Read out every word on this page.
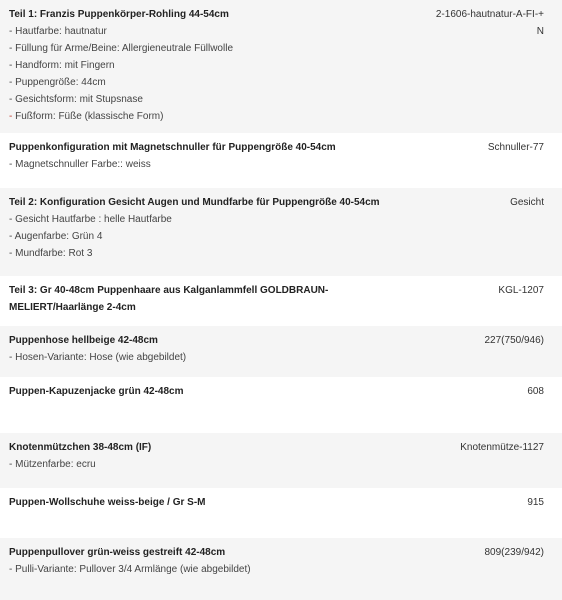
Teil 1: Franzis Puppenkörper-Rohling 44-54cm
- Hautfarbe: hautnatur
- Füllung für Arme/Beine: Allergieneutrale Füllwolle
- Handform: mit Fingern
- Puppengröße: 44cm
- Gesichtsform: mit Stupsnase
- Fußform: Füße (klassische Form)
2-1606-hautnatur-A-FI-+N
Puppenkonfiguration mit Magnetschnuller für Puppengröße 40-54cm
- Magnetschnuller Farbe:: weiss
Schnuller-77
Teil 2: Konfiguration Gesicht Augen und Mundfarbe für Puppengröße 40-54cm
- Gesicht Hautfarbe : helle Hautfarbe
- Augenfarbe: Grün 4
- Mundfarbe: Rot 3
Gesicht
Teil 3: Gr 40-48cm Puppenhaare aus Kalganlammfell GOLDBRAUN-MELIERT/Haarlänge 2-4cm
KGL-1207
Puppenhose hellbeige 42-48cm
- Hosen-Variante: Hose (wie abgebildet)
227(750/946)
Puppen-Kapuzenjacke grün 42-48cm	608
Knotenmützchen 38-48cm (IF)
- Mützenfarbe: ecru
Knotenmütze-1127
Puppen-Wollschuhe weiss-beige / Gr S-M	915
Puppenpullover grün-weiss gestreift 42-48cm
- Pulli-Variante: Pullover 3/4 Armlänge (wie abgebildet)
809(239/942)
